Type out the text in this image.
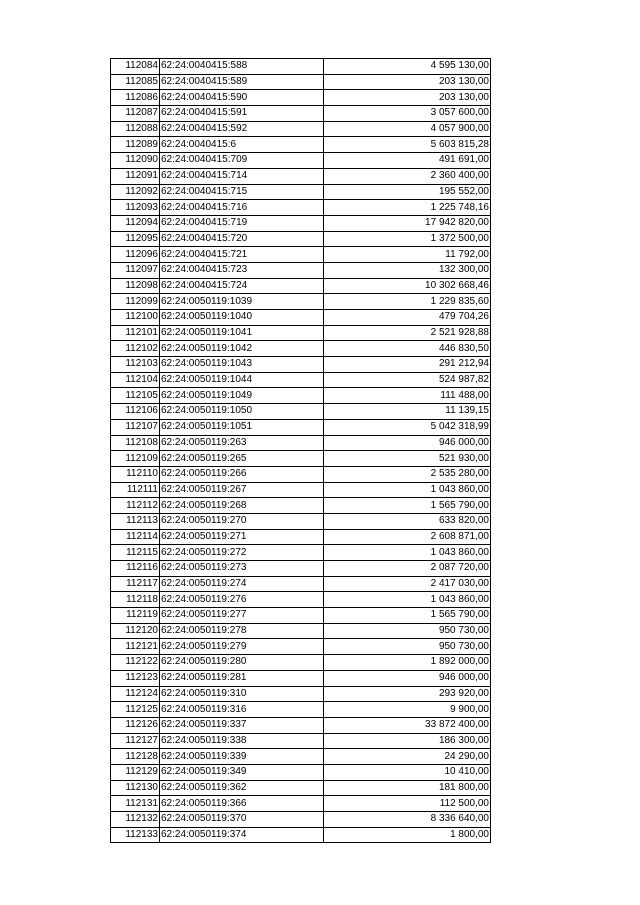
112084	62:24:0040415:588	4 595 130,00
112085	62:24:0040415:589	203 130,00
112086	62:24:0040415:590	203 130,00
112087	62:24:0040415:591	3 057 600,00
112088	62:24:0040415:592	4 057 900,00
112089	62:24:0040415:6	5 603 815,28
112090	62:24:0040415:709	491 691,00
112091	62:24:0040415:714	2 360 400,00
112092	62:24:0040415:715	195 552,00
112093	62:24:0040415:716	1 225 748,16
112094	62:24:0040415:719	17 942 820,00
112095	62:24:0040415:720	1 372 500,00
112096	62:24:0040415:721	11 792,00
112097	62:24:0040415:723	132 300,00
112098	62:24:0040415:724	10 302 668,46
112099	62:24:0050119:1039	1 229 835,60
112100	62:24:0050119:1040	479 704,26
112101	62:24:0050119:1041	2 521 928,88
112102	62:24:0050119:1042	446 830,50
112103	62:24:0050119:1043	291 212,94
112104	62:24:0050119:1044	524 987,82
112105	62:24:0050119:1049	111 488,00
112106	62:24:0050119:1050	11 139,15
112107	62:24:0050119:1051	5 042 318,99
112108	62:24:0050119:263	946 000,00
112109	62:24:0050119:265	521 930,00
112110	62:24:0050119:266	2 535 280,00
112111	62:24:0050119:267	1 043 860,00
112112	62:24:0050119:268	1 565 790,00
112113	62:24:0050119:270	633 820,00
112114	62:24:0050119:271	2 608 871,00
112115	62:24:0050119:272	1 043 860,00
112116	62:24:0050119:273	2 087 720,00
112117	62:24:0050119:274	2 417 030,00
112118	62:24:0050119:276	1 043 860,00
112119	62:24:0050119:277	1 565 790,00
112120	62:24:0050119:278	950 730,00
112121	62:24:0050119:279	950 730,00
112122	62:24:0050119:280	1 892 000,00
112123	62:24:0050119:281	946 000,00
112124	62:24:0050119:310	293 920,00
112125	62:24:0050119:316	9 900,00
112126	62:24:0050119:337	33 872 400,00
112127	62:24:0050119:338	186 300,00
112128	62:24:0050119:339	24 290,00
112129	62:24:0050119:349	10 410,00
112130	62:24:0050119:362	181 800,00
112131	62:24:0050119:366	112 500,00
112132	62:24:0050119:370	8 336 640,00
112133	62:24:0050119:374	1 800,00
